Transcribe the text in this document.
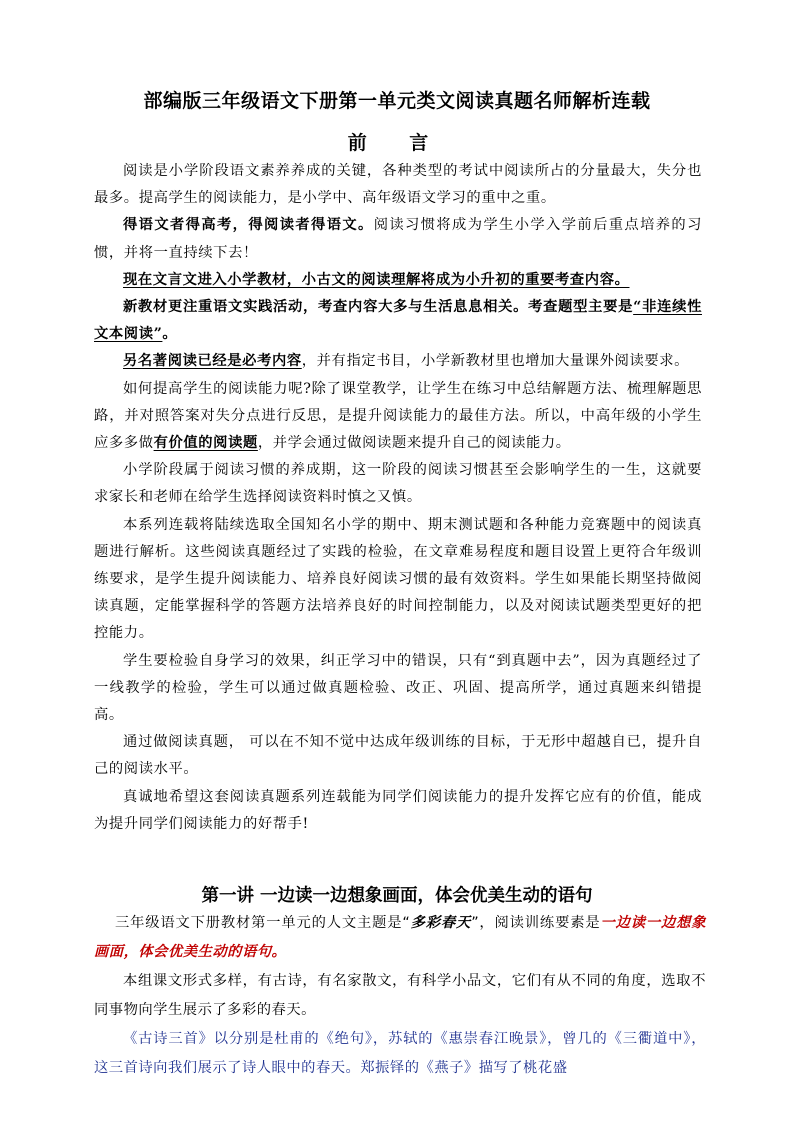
部编版三年级语文下册第一单元类文阅读真题名师解析连载
前 言

阅读是小学阶段语文素养养成的关键，各种类型的考试中阅读所占的分量最大，失分也最多。提高学生的阅读能力，是小学中、高年级语文学习的重中之重。

得语文者得高考，得阅读者得语文。阅读习惯将成为学生小学入学前后重点培养的习惯，并将一直持续下去！

现在文言文进入小学教材，小古文的阅读理解将成为小升初的重要考查内容。

新教材更注重语文实践活动，考查内容大多与生活息息相关。考查题型主要是“非连续性文本阅读”。

另名著阅读已经是必考内容，并有指定书目，小学新教材里也增加大量课外阅读要求。

如何提高学生的阅读能力呢?除了课堂教学，让学生在练习中总结解题方法、梳理解题思路，并对照答案对失分点进行反思，是提升阅读能力的最佳方法。所以，中高年级的小学生应多多做有价值的阅读题，并学会通过做阅读题来提升自己的阅读能力。

小学阶段属于阅读习惯的养成期，这一阶段的阅读习惯甚至会影响学生的一生，这就要求家长和老师在给学生选择阅读资料时慎之又慎。

本系列连载将陆续选取全国知名小学的期中、期末测试题和各种能力竞赛题中的阅读真题进行解析。这些阅读真题经过了实践的检验，在文章难易程度和题目设置上更符合年级训练要求，是学生提升阅读能力、培养良好阅读习惯的最有效资料。学生如果能长期坚持做阅读真题，定能掌握科学的答题方法培养良好的时间控制能力，以及对阅读试题类型更好的把控能力。

学生要检验自身学习的效果，纠正学习中的错误，只有“到真题中去”，因为真题经过了一线教学的检验，学生可以通过做真题检验、改正、巩固、提高所学，通过真题来纠错提高。

通过做阅读真题， 可以在不知不觉中达成年级训练的目标，于无形中超越自已，提升自己的阅读水平。

真诚地希望这套阅读真题系列连载能为同学们阅读能力的提升发挥它应有的价值，能成为提升同学们阅读能力的好帮手!

第一讲 一边读一边想象画面，体会优美生动的语句

三年级语文下册教材第一单元的人文主题是“多彩春天”，阅读训练要素是一边读一边想象画面，体会优美生动的语句。

本组课文形式多样，有古诗，有名家散文，有科学小品文，它们有从不同的角度，选取不同事物向学生展示了多彩的春天。

《古诗三首》以分别是杜甫的《绝句》，苏轼的《惠崇春江晚景》，曾几的《三衢道中》，这三首诗向我们展示了诗人眼中的春天。郑振铎的《燕子》描写了桃花盛
